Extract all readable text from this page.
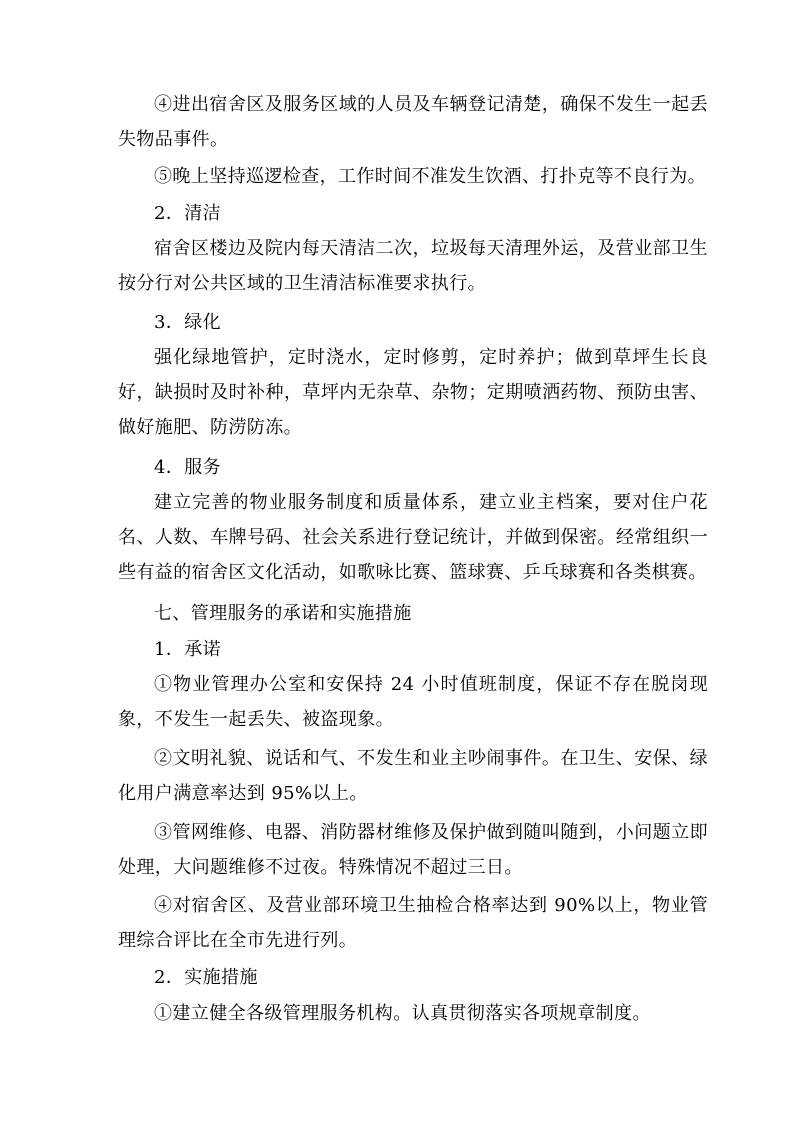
④进出宿舍区及服务区域的人员及车辆登记清楚，确保不发生一起丢失物品事件。

⑤晚上坚持巡逻检查，工作时间不准发生饮酒、打扑克等不良行为。

2．清洁

宿舍区楼边及院内每天清洁二次，垃圾每天清理外运，及营业部卫生按分行对公共区域的卫生清洁标准要求执行。

3．绿化

强化绿地管护，定时浇水，定时修剪，定时养护；做到草坪生长良好，缺损时及时补种，草坪内无杂草、杂物；定期喷洒药物、预防虫害、做好施肥、防涝防冻。

4．服务

建立完善的物业服务制度和质量体系，建立业主档案，要对住户花名、人数、车牌号码、社会关系进行登记统计，并做到保密。经常组织一些有益的宿舍区文化活动，如歌咏比赛、篮球赛、乒乓球赛和各类棋赛。

七、管理服务的承诺和实施措施

1．承诺

①物业管理办公室和安保持 24 小时值班制度，保证不存在脱岗现象，不发生一起丢失、被盗现象。

②文明礼貌、说话和气、不发生和业主吵闹事件。在卫生、安保、绿化用户满意率达到 95%以上。

③管网维修、电器、消防器材维修及保护做到随叫随到，小问题立即处理，大问题维修不过夜。特殊情况不超过三日。

④对宿舍区、及营业部环境卫生抽检合格率达到 90%以上，物业管理综合评比在全市先进行列。

2．实施措施

①建立健全各级管理服务机构。认真贯彻落实各项规章制度。
